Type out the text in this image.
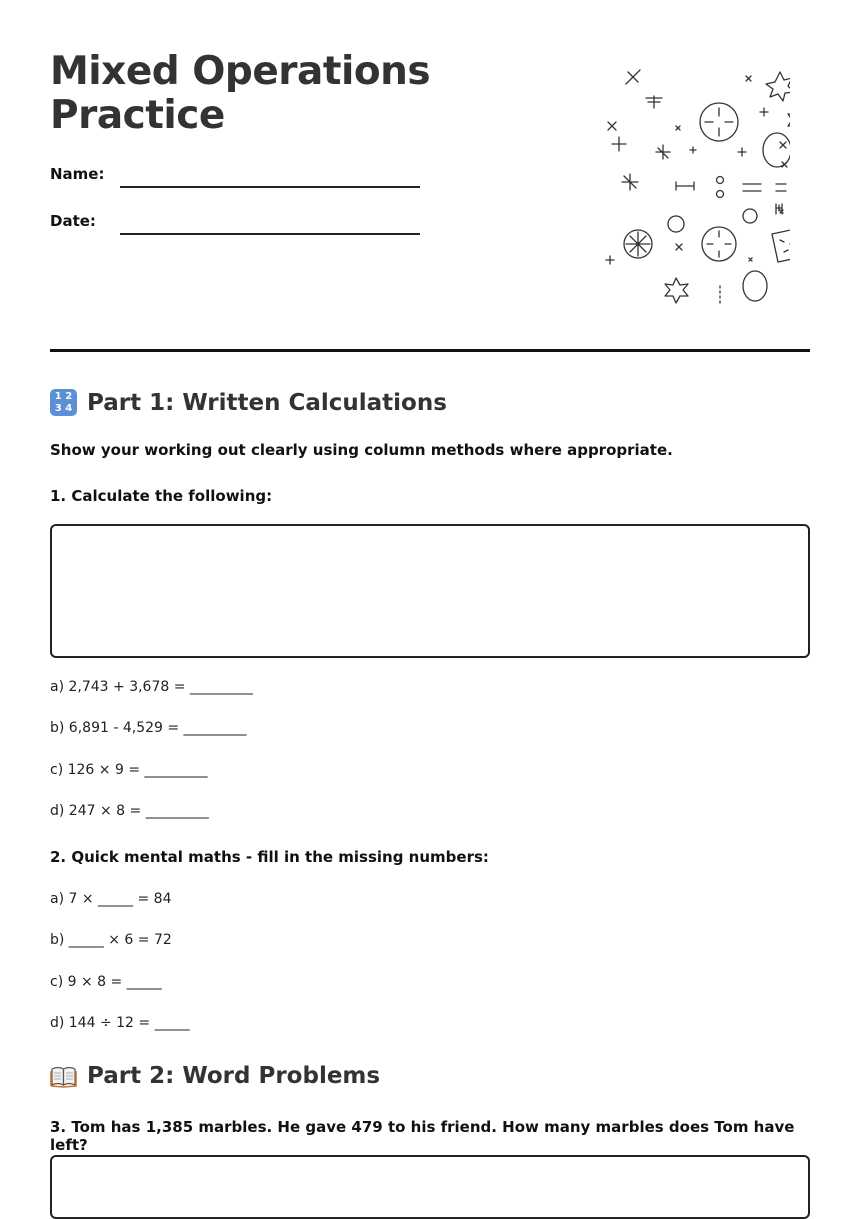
Mixed Operations
Practice
Name:
Date:
1 2
3 4 Part 1: Written Calculations

Show your working out clearly using column methods where appropriate.

1. Calculate the following:

a) 2,743 + 3,678 = _________

b) 6,891 - 4,529 = _________

c) 126 × 9 = _________

d) 247 × 8 = _________

2. Quick mental maths - fill in the missing numbers:

a) 7 × _____ = 84

b) _____ × 6 = 72

c) 9 × 8 = _____

d) 144 ÷ 12 = _____

Part 2: Word Problems

3. Tom has 1,385 marbles. He gave 479 to his friend. How many marbles does Tom have left?
